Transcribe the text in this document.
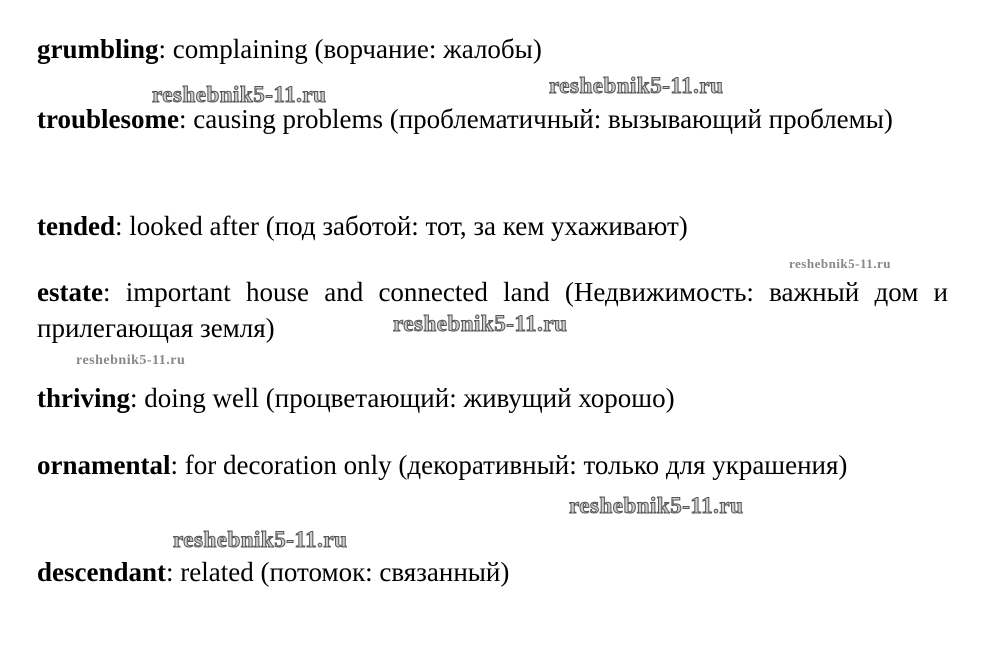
grumbling: complaining (ворчание: жалобы)
troublesome: causing problems (проблематичный: вызывающий проблемы)
tended: looked after (под заботой: тот, за кем ухаживают)
estate: important house and connected land (Недвижимость: важный дом и прилегающая земля)
thriving: doing well (процветающий: живущий хорошо)
ornamental: for decoration only (декоративный: только для украшения)
descendant: related (потомок: связанный)
reshebnik5-11.ru	reshebnik5-11.ru
reshebnik5-11.ru
reshebnik5-11.ru
reshebnik5-11.ru
reshebnik5-11.ru
reshebnik5-11.ru
